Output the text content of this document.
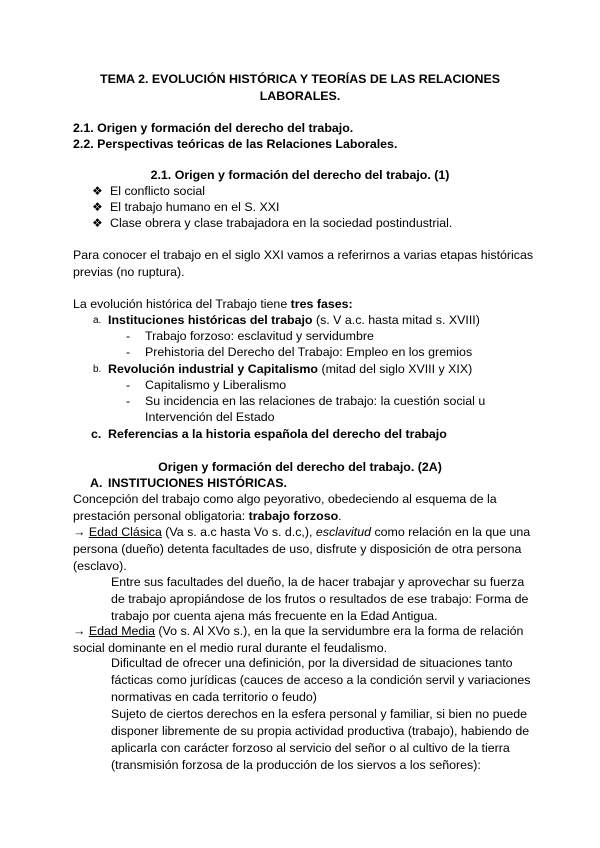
TEMA 2. EVOLUCIÓN HISTÓRICA Y TEORÍAS DE LAS RELACIONES
LABORALES.

2.1. Origen y formación del derecho del trabajo.

2.2. Perspectivas teóricas de las Relaciones Laborales.

2.1. Origen y formación del derecho del trabajo. (1)

❖ El conflicto social
❖ El trabajo humano en el S. XXI
❖ Clase obrera y clase trabajadora en la sociedad postindustrial.

Para conocer el trabajo en el siglo XXI vamos a referirnos a varias etapas históricas
previas (no ruptura).

La evolución histórica del Trabajo tiene tres fases:

a. Instituciones históricas del trabajo (s. V a.c. hasta mitad s. XVIII)

- Trabajo forzoso: esclavitud y servidumbre
- Prehistoria del Derecho del Trabajo: Empleo en los gremios
b. Revolución industrial y Capitalismo (mitad del siglo XVIII y XIX)

- Capitalismo y Liberalismo
- Su incidencia en las relaciones de trabajo: la cuestión social u
Intervención del Estado
c. Referencias a la historia española del derecho del trabajo

Origen y formación del derecho del trabajo. (2A)

A. INSTITUCIONES HISTÓRICAS.

Concepción del trabajo como algo peyorativo, obedeciendo al esquema de la
prestación personal obligatoria: trabajo forzoso.

→ Edad Clásica (Va s. a.c hasta Vo s. d.c,), esclavitud como relación en la que una
persona (dueño) detenta facultades de uso, disfrute y disposición de otra persona
(esclavo).

Entre sus facultades del dueño, la de hacer trabajar y aprovechar su fuerza
de trabajo apropiándose de los frutos o resultados de ese trabajo: Forma de
trabajo por cuenta ajena más frecuente en la Edad Antigua.

→ Edad Media (Vo s. Al XVo s.), en la que la servidumbre era la forma de relación
social dominante en el medio rural durante el feudalismo.

Dificultad de ofrecer una definición, por la diversidad de situaciones tanto
fácticas como jurídicas (cauces de acceso a la condición servil y variaciones
normativas en cada territorio o feudo)
Sujeto de ciertos derechos en la esfera personal y familiar, si bien no puede
disponer libremente de su propia actividad productiva (trabajo), habiendo de
aplicarla con carácter forzoso al servicio del señor o al cultivo de la tierra
(transmisión forzosa de la producción de los siervos a los señores):
